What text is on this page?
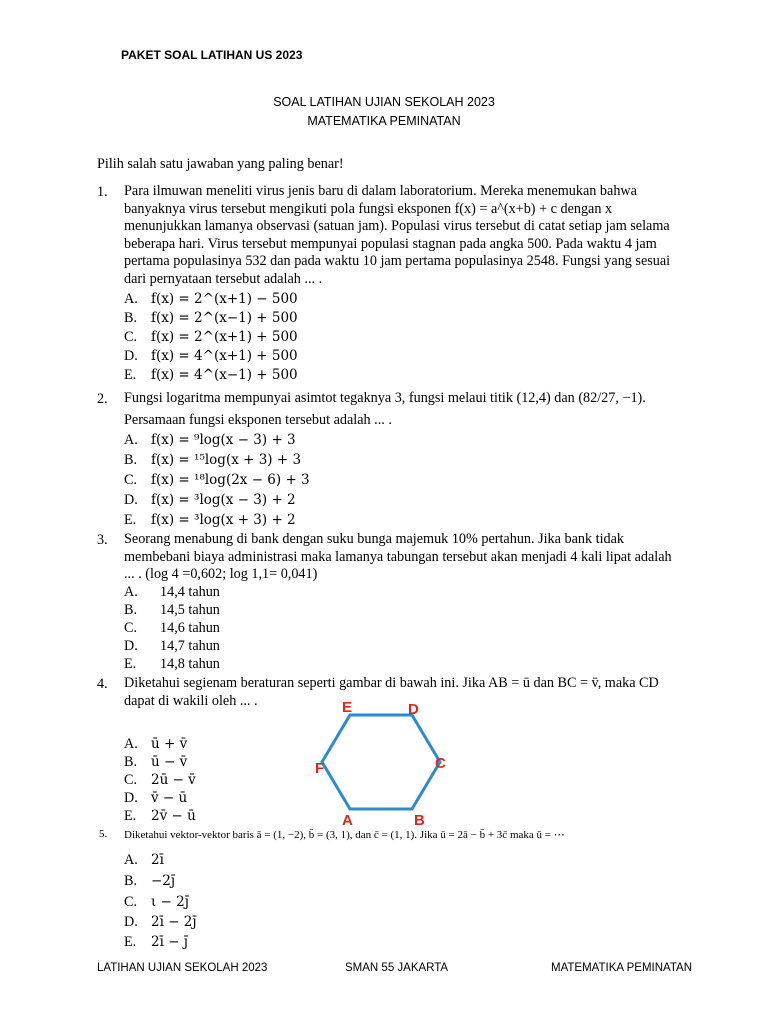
PAKET SOAL LATIHAN US 2023
SOAL LATIHAN UJIAN SEKOLAH 2023
MATEMATIKA PEMINATAN
Pilih salah satu jawaban yang paling benar!
1. Para ilmuwan meneliti virus jenis baru di dalam laboratorium. Mereka menemukan bahwa
banyaknya virus tersebut mengikuti pola fungsi eksponen f(x) = a^(x+b) + c dengan x
menunjukkan lamanya observasi (satuan jam). Populasi virus tersebut di catat setiap jam selama
beberapa hari. Virus tersebut mempunyai populasi stagnan pada angka 500. Pada waktu 4 jam
pertama populasinya 532 dan pada waktu 10 jam pertama populasinya 2548. Fungsi yang sesuai
dari pernyataan tersebut adalah ... .
A. f(x) = 2^(x+1) − 500
B. f(x) = 2^(x−1) + 500
C. f(x) = 2^(x+1) + 500
D. f(x) = 4^(x+1) + 500
E. f(x) = 4^(x−1) + 500
2. Fungsi logaritma mempunyai asimtot tegaknya 3, fungsi melaui titik (12,4) dan (82/27, −1).
Persamaan fungsi eksponen tersebut adalah ... .
A. f(x) = ⁹log(x − 3) + 3
B. f(x) = ¹⁵log(x + 3) + 3
C. f(x) = ¹⁸log(2x − 6) + 3
D. f(x) = ³log(x − 3) + 2
E. f(x) = ³log(x + 3) + 2
3. Seorang menabung di bank dengan suku bunga majemuk 10% pertahun. Jika bank tidak
membebani biaya administrasi maka lamanya tabungan tersebut akan menjadi 4 kali lipat adalah
... . (log 4 =0,602; log 1,1= 0,041)
A. 14,4 tahun
B. 14,5 tahun
C. 14,6 tahun
D. 14,7 tahun
E. 14,8 tahun
4. Diketahui segienam beraturan seperti gambar di bawah ini. Jika AB = ū dan BC = v̄, maka CD
dapat di wakili oleh ... .
A. ū + v̄
B. ū − v̄
C. 2ū − v̄
D. v̄ − ū
E. 2v̄ − ū
E	D
C
B
A
F
5. Diketahui vektor-vektor baris ā = (1, −2), b̄ = (3, 1), dan c̄ = (1, 1). Jika ū = 2ā − b̄ + 3c̄ maka ū = ⋯
A. 2ī
B. −2j̄
C. ι − 2j̄
D. 2ī − 2j̄
E. 2ī − j̄
LATIHAN UJIAN SEKOLAH 2023	SMAN 55 JAKARTA	MATEMATIKA PEMINATAN
